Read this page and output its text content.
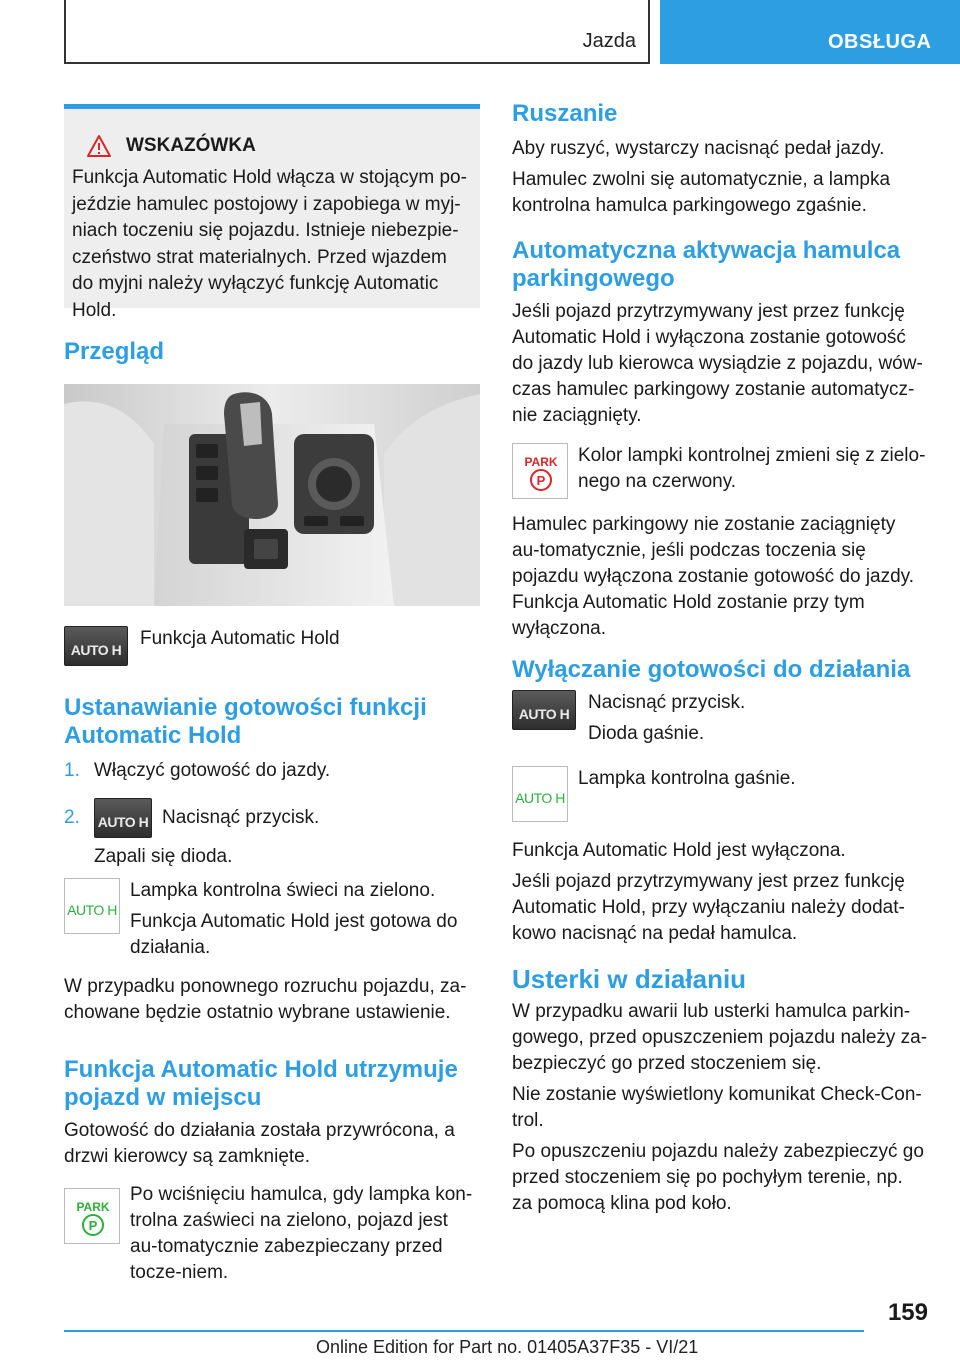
Jazda	OBSŁUGA
WSKAZÓWKA
Funkcja Automatic Hold włącza w stojącym po-jeździe hamulec postojowy i zapobiega w myj-niach toczeniu się pojazdu. Istnieje niebezpie-czeństwo strat materialnych. Przed wjazdem do myjni należy wyłączyć funkcję Automatic Hold.
Przegląd
AUTO H
Funkcja Automatic Hold
Ustanawianie gotowości funkcji Automatic Hold
1. Włączyć gotowość do jazdy.
2.	AUTO H Nacisnąć przycisk.
Zapali się dioda.
AUTO H

Lampka kontrolna świeci na zielono.

Funkcja Automatic Hold jest gotowa do działania.

W przypadku ponownego rozruchu pojazdu, za-chowane będzie ostatnio wybrane ustawienie.

Funkcja Automatic Hold utrzymuje pojazd w miejscu

Gotowość do działania została przywrócona, a drzwi kierowcy są zamknięte.

PARK
P

Po wciśnięciu hamulca, gdy lampka kon-trolna zaświeci na zielono, pojazd jest au-tomatycznie zabezpieczany przed tocze-niem.

Ruszanie

Aby ruszyć, wystarczy nacisnąć pedał jazdy.

Hamulec zwolni się automatycznie, a lampka kontrolna hamulca parkingowego zgaśnie.

Automatyczna aktywacja hamulca parkingowego

Jeśli pojazd przytrzymywany jest przez funkcję Automatic Hold i wyłączona zostanie gotowość do jazdy lub kierowca wysiądzie z pojazdu, wów-czas hamulec parkingowy zostanie automatycz-nie zaciągnięty.

PARK
P

Kolor lampki kontrolnej zmieni się z zielo-nego na czerwony.

Hamulec parkingowy nie zostanie zaciągnięty au-tomatycznie, jeśli podczas toczenia się pojazdu wyłączona zostanie gotowość do jazdy. Funkcja Automatic Hold zostanie przy tym wyłączona.

Wyłączanie gotowości do działania
AUTO H

Nacisnąć przycisk.

Dioda gaśnie.

AUTO H

Lampka kontrolna gaśnie.

Funkcja Automatic Hold jest wyłączona.

Jeśli pojazd przytrzymywany jest przez funkcję Automatic Hold, przy wyłączaniu należy dodat-kowo nacisnąć na pedał hamulca.

Usterki w działaniu

W przypadku awarii lub usterki hamulca parkin-gowego, przed opuszczeniem pojazdu należy za-bezpieczyć go przed stoczeniem się.

Nie zostanie wyświetlony komunikat Check-Con-trol.

Po opuszczeniu pojazdu należy zabezpieczyć go przed stoczeniem się po pochyłym terenie, np. za pomocą klina pod koło.

159
Online Edition for Part no. 01405A37F35 - VI/21
